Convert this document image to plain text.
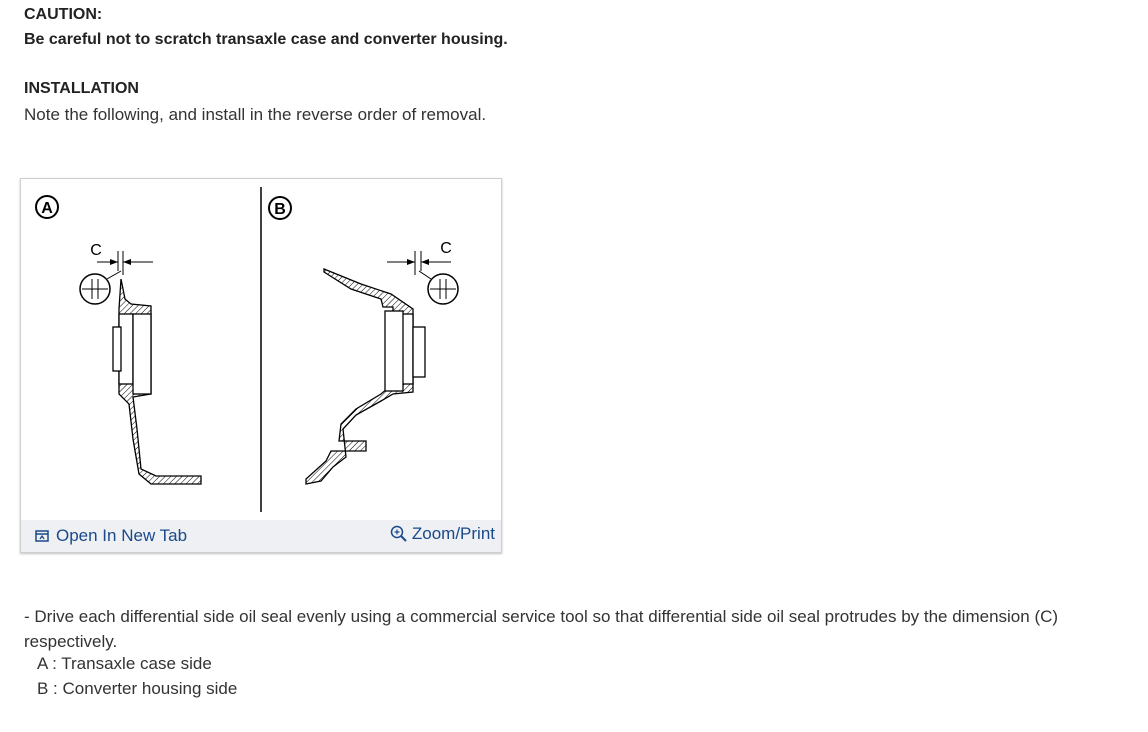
CAUTION:
Be careful not to scratch transaxle case and converter housing.
INSTALLATION
Note the following, and install in the reverse order of removal.
A
C
B
C
Open In New Tab	Zoom/Print
- Drive each differential side oil seal evenly using a commercial service tool so that differential side oil seal protrudes by the dimension (C) respectively.
A : Transaxle case side
B : Converter housing side
